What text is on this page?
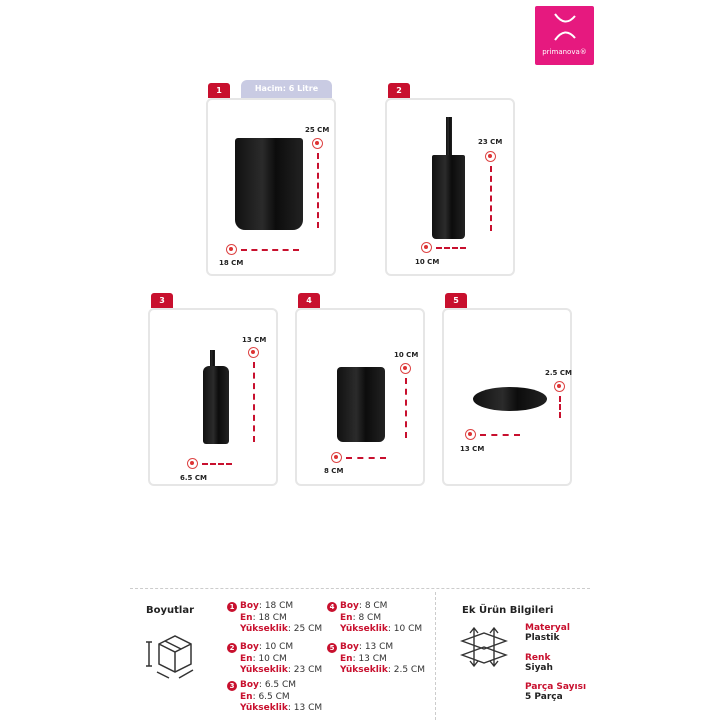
primanova®
1	Hacim: 6 Litre
25 CM
18 CM
2
23 CM
10 CM
3
13 CM
6.5 CM
4
10 CM
8 CM
5
2.5 CM
13 CM
Boyutlar	1 Boy: 18 CM
En: 18 CM
Yükseklik: 25 CM
2 Boy: 10 CM
En: 10 CM
Yükseklik: 23 CM
3 Boy: 6.5 CM
En: 6.5 CM
Yükseklik: 13 CM
4 Boy: 8 CM
En: 8 CM
Yükseklik: 10 CM
5 Boy: 13 CM
En: 13 CM
Yükseklik: 2.5 CM
Ek Ürün Bilgileri
Materyal
Plastik
Renk
Siyah
Parça Sayısı
5 Parça
